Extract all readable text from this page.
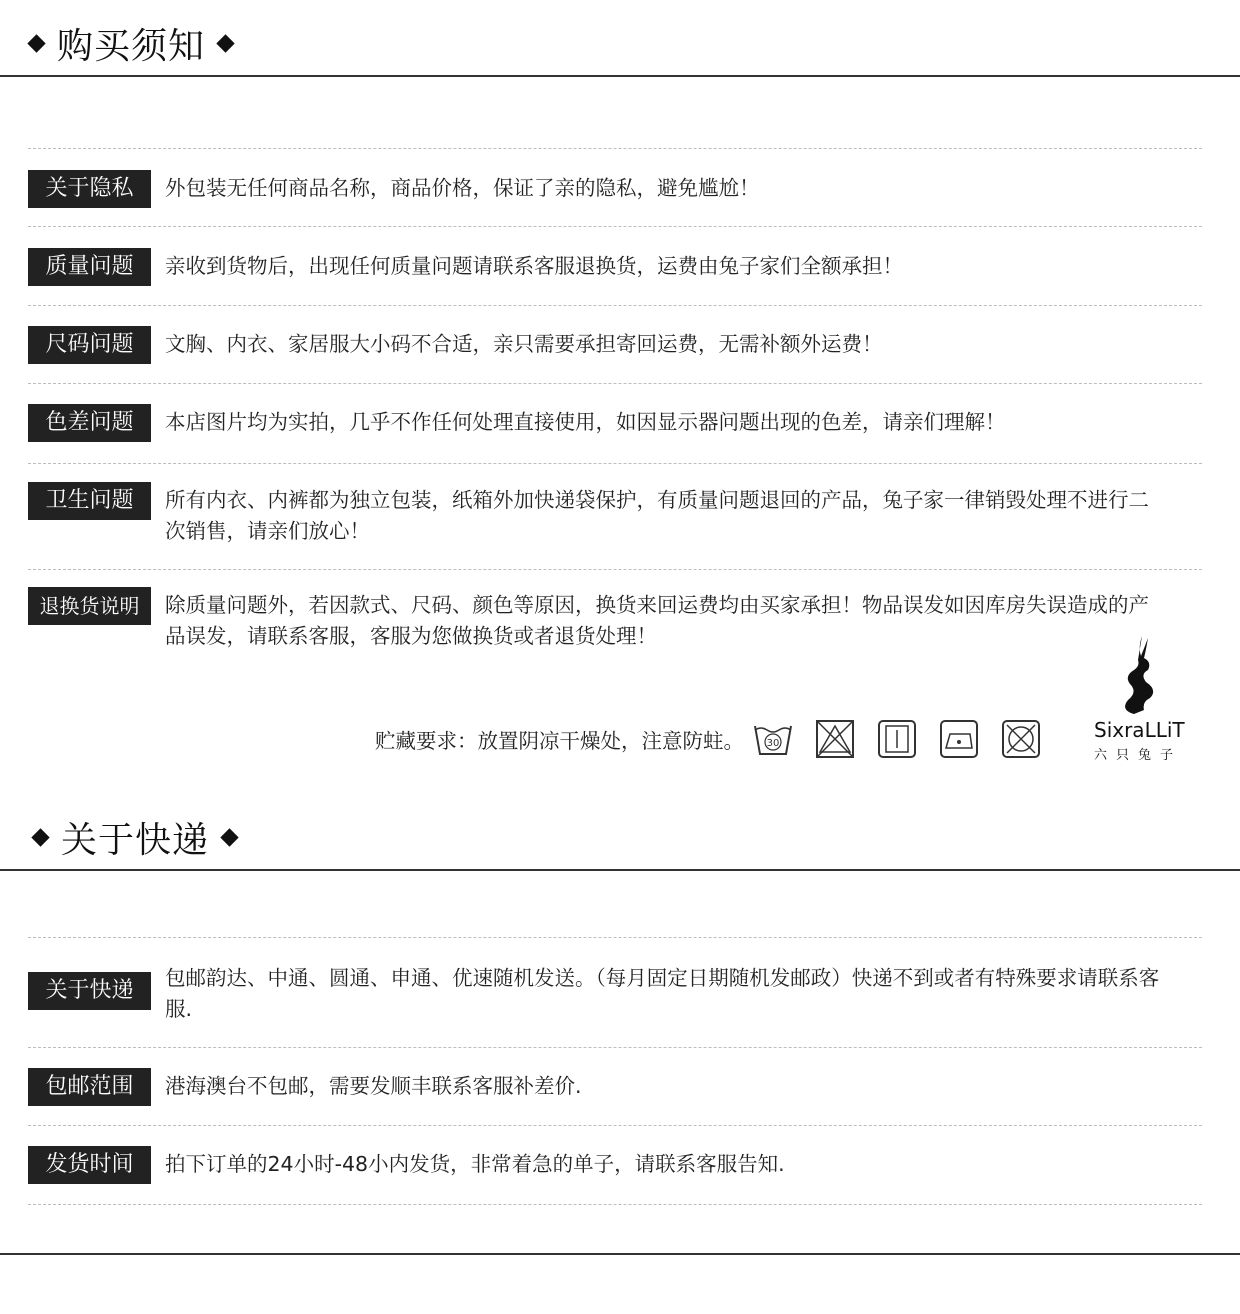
购买须知
关于隐私	外包装无任何商品名称，商品价格，保证了亲的隐私，避免尴尬！
质量问题	亲收到货物后，出现任何质量问题请联系客服退换货，运费由兔子家们全额承担！
尺码问题	文胸、内衣、家居服大小码不合适，亲只需要承担寄回运费，无需补额外运费！
色差问题	本店图片均为实拍，几乎不作任何处理直接使用，如因显示器问题出现的色差，请亲们理解！
卫生问题	所有内衣、内裤都为独立包装，纸箱外加快递袋保护，有质量问题退回的产品，兔子家一律销毁处理不进行二次销售，请亲们放心！
退换货说明	除质量问题外，若因款式、尺码、颜色等原因，换货来回运费均由买家承担！物品误发如因库房失误造成的产品误发，请联系客服，客服为您做换货或者退货处理！
贮藏要求：放置阴凉干燥处，注意防蛀。 30
SixraLLiT
六只兔子
关于快递
关于快递	包邮韵达、中通、圆通、申通、优速随机发送。（每月固定日期随机发邮政）快递不到或者有特殊要求请联系客服.
包邮范围	港海澳台不包邮，需要发顺丰联系客服补差价.
发货时间	拍下订单的24小时-48小内发货，非常着急的单子，请联系客服告知.
